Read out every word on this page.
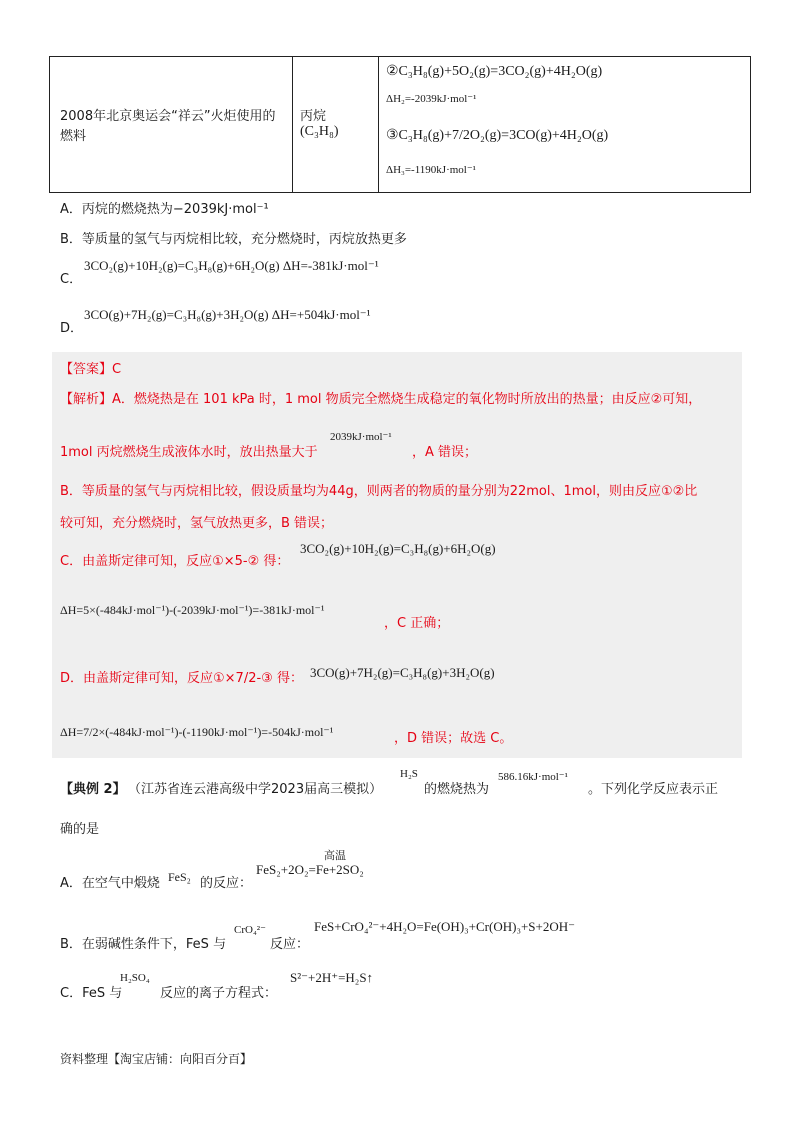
2008年北京奥运会“祥云”火炬使用的燃料
丙烷
(C₃H₈)
②C₃H₈(g)+5O₂(g)=3CO₂(g)+4H₂O(g)
ΔH₂=-2039kJ·mol⁻¹
③C₃H₈(g)+7/2O₂(g)=3CO(g)+4H₂O(g)
ΔH₃=-1190kJ·mol⁻¹
A．丙烷的燃烧热为−2039kJ·mol⁻¹
B．等质量的氢气与丙烷相比较，充分燃烧时，丙烷放热更多
C．
3CO₂(g)+10H₂(g)=C₃H₈(g)+6H₂O(g) ΔH=-381kJ·mol⁻¹
D．
3CO(g)+7H₂(g)=C₃H₈(g)+3H₂O(g) ΔH=+504kJ·mol⁻¹
【答案】C
【解析】A．燃烧热是在 101 kPa 时，1 mol 物质完全燃烧生成稳定的氧化物时所放出的热量；由反应②可知，
1mol 丙烷燃烧生成液体水时，放出热量大于
2039kJ·mol⁻¹
，A 错误；
B．等质量的氢气与丙烷相比较，假设质量均为44g，则两者的物质的量分别为22mol、1mol，则由反应①②比
较可知，充分燃烧时，氢气放热更多，B 错误；
C．由盖斯定律可知，反应①×5-② 得：
3CO₂(g)+10H₂(g)=C₃H₈(g)+6H₂O(g)
ΔH=5×(-484kJ·mol⁻¹)-(-2039kJ·mol⁻¹)=-381kJ·mol⁻¹
，C 正确；
D．由盖斯定律可知，反应①×7/2-③ 得： 3CO(g)+7H₂(g)=C₃H₈(g)+3H₂O(g)
ΔH=7/2×(-484kJ·mol⁻¹)-(-1190kJ·mol⁻¹)=-504kJ·mol⁻¹	，D 错误；故选 C。
【典例 2】 （江苏省连云港高级中学2023届高三模拟）
H₂S
的燃烧热为
586.16kJ·mol⁻¹
。下列化学反应表示正
确的是
A．在空气中煅烧 FeS₂ 的反应：
高温
FeS₂+2O₂=Fe+2SO₂
B．在弱碱性条件下，FeS 与
CrO₄²⁻
反应：
FeS+CrO₄²⁻+4H₂O=Fe(OH)₃+Cr(OH)₃+S+2OH⁻
C．FeS 与
H₂SO₄
反应的离子方程式：
S²⁻+2H⁺=H₂S↑
资料整理【淘宝店铺：向阳百分百】
